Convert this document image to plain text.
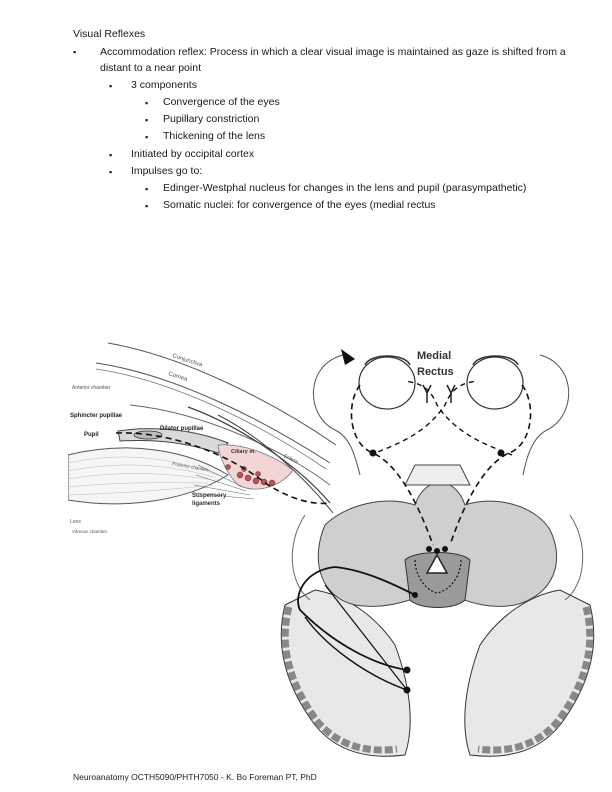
Visual Reflexes
▪ Accommodation reflex: Process in which a clear visual image is maintained as gaze is shifted from a
distant to a near point
▪ 3 components
▪ Convergence of the eyes
▪ Pupillary constriction
▪ Thickening of the lens
▪ Initiated by occipital cortex
▪ Impulses go to:
▪ Edinger-Westphal nucleus for changes in the lens and pupil (parasympathetic)
▪ Somatic nuclei: for convergence of the eyes (medial rectus
Conjunctiva
Cornea
Anterior chamber
Sphincter pupillae
Pupil
Dilator pupillae
Posterior chamber
Ciliary m.
Sclera
Suspensory
ligaments
Lens
Vitreous chamber
Medial
Rectus
Neuroanatomy OCTH5090/PHTH7050 - K. Bo Foreman PT, PhD
